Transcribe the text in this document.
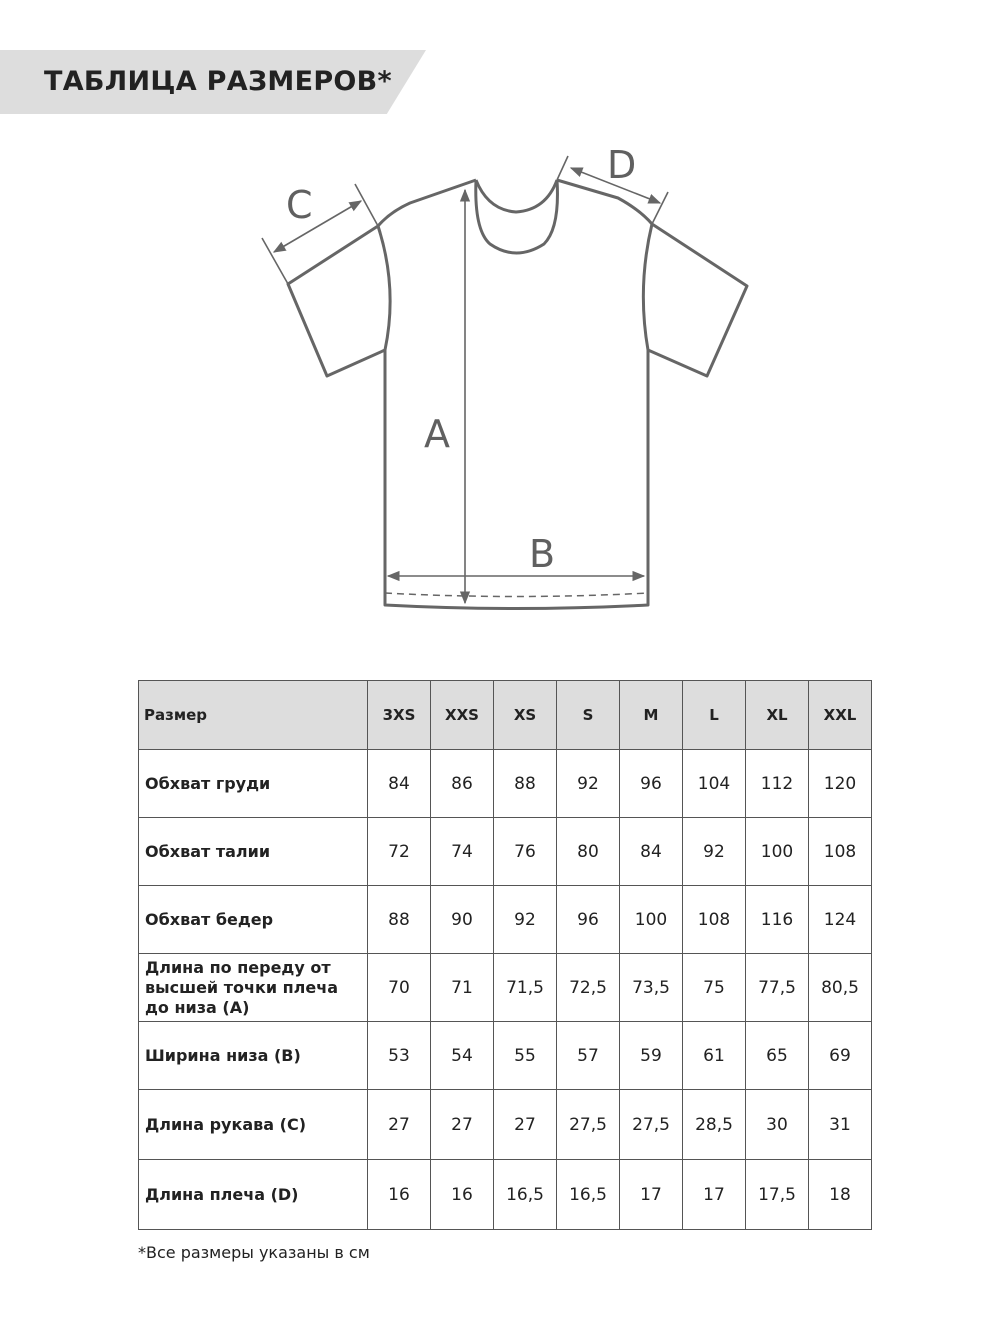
ТАБЛИЦА РАЗМЕРОВ*
A
B
C
D
Размер	3XS	XXS	XS	S	M	L	XL	XXL
Обхват груди	84	86	88	92	96	104	112	120
Обхват талии	72	74	76	80	84	92	100	108
Обхват бедер	88	90	92	96	100	108	116	124
Длина по переду от высшей точки плеча до низа (А)	70	71	71,5	72,5	73,5	75	77,5	80,5
Ширина низа (В)	53	54	55	57	59	61	65	69
Длина рукава (С)	27	27	27	27,5	27,5	28,5	30	31
Длина плеча (D)	16	16	16,5	16,5	17	17	17,5	18
*Все размеры указаны в см
